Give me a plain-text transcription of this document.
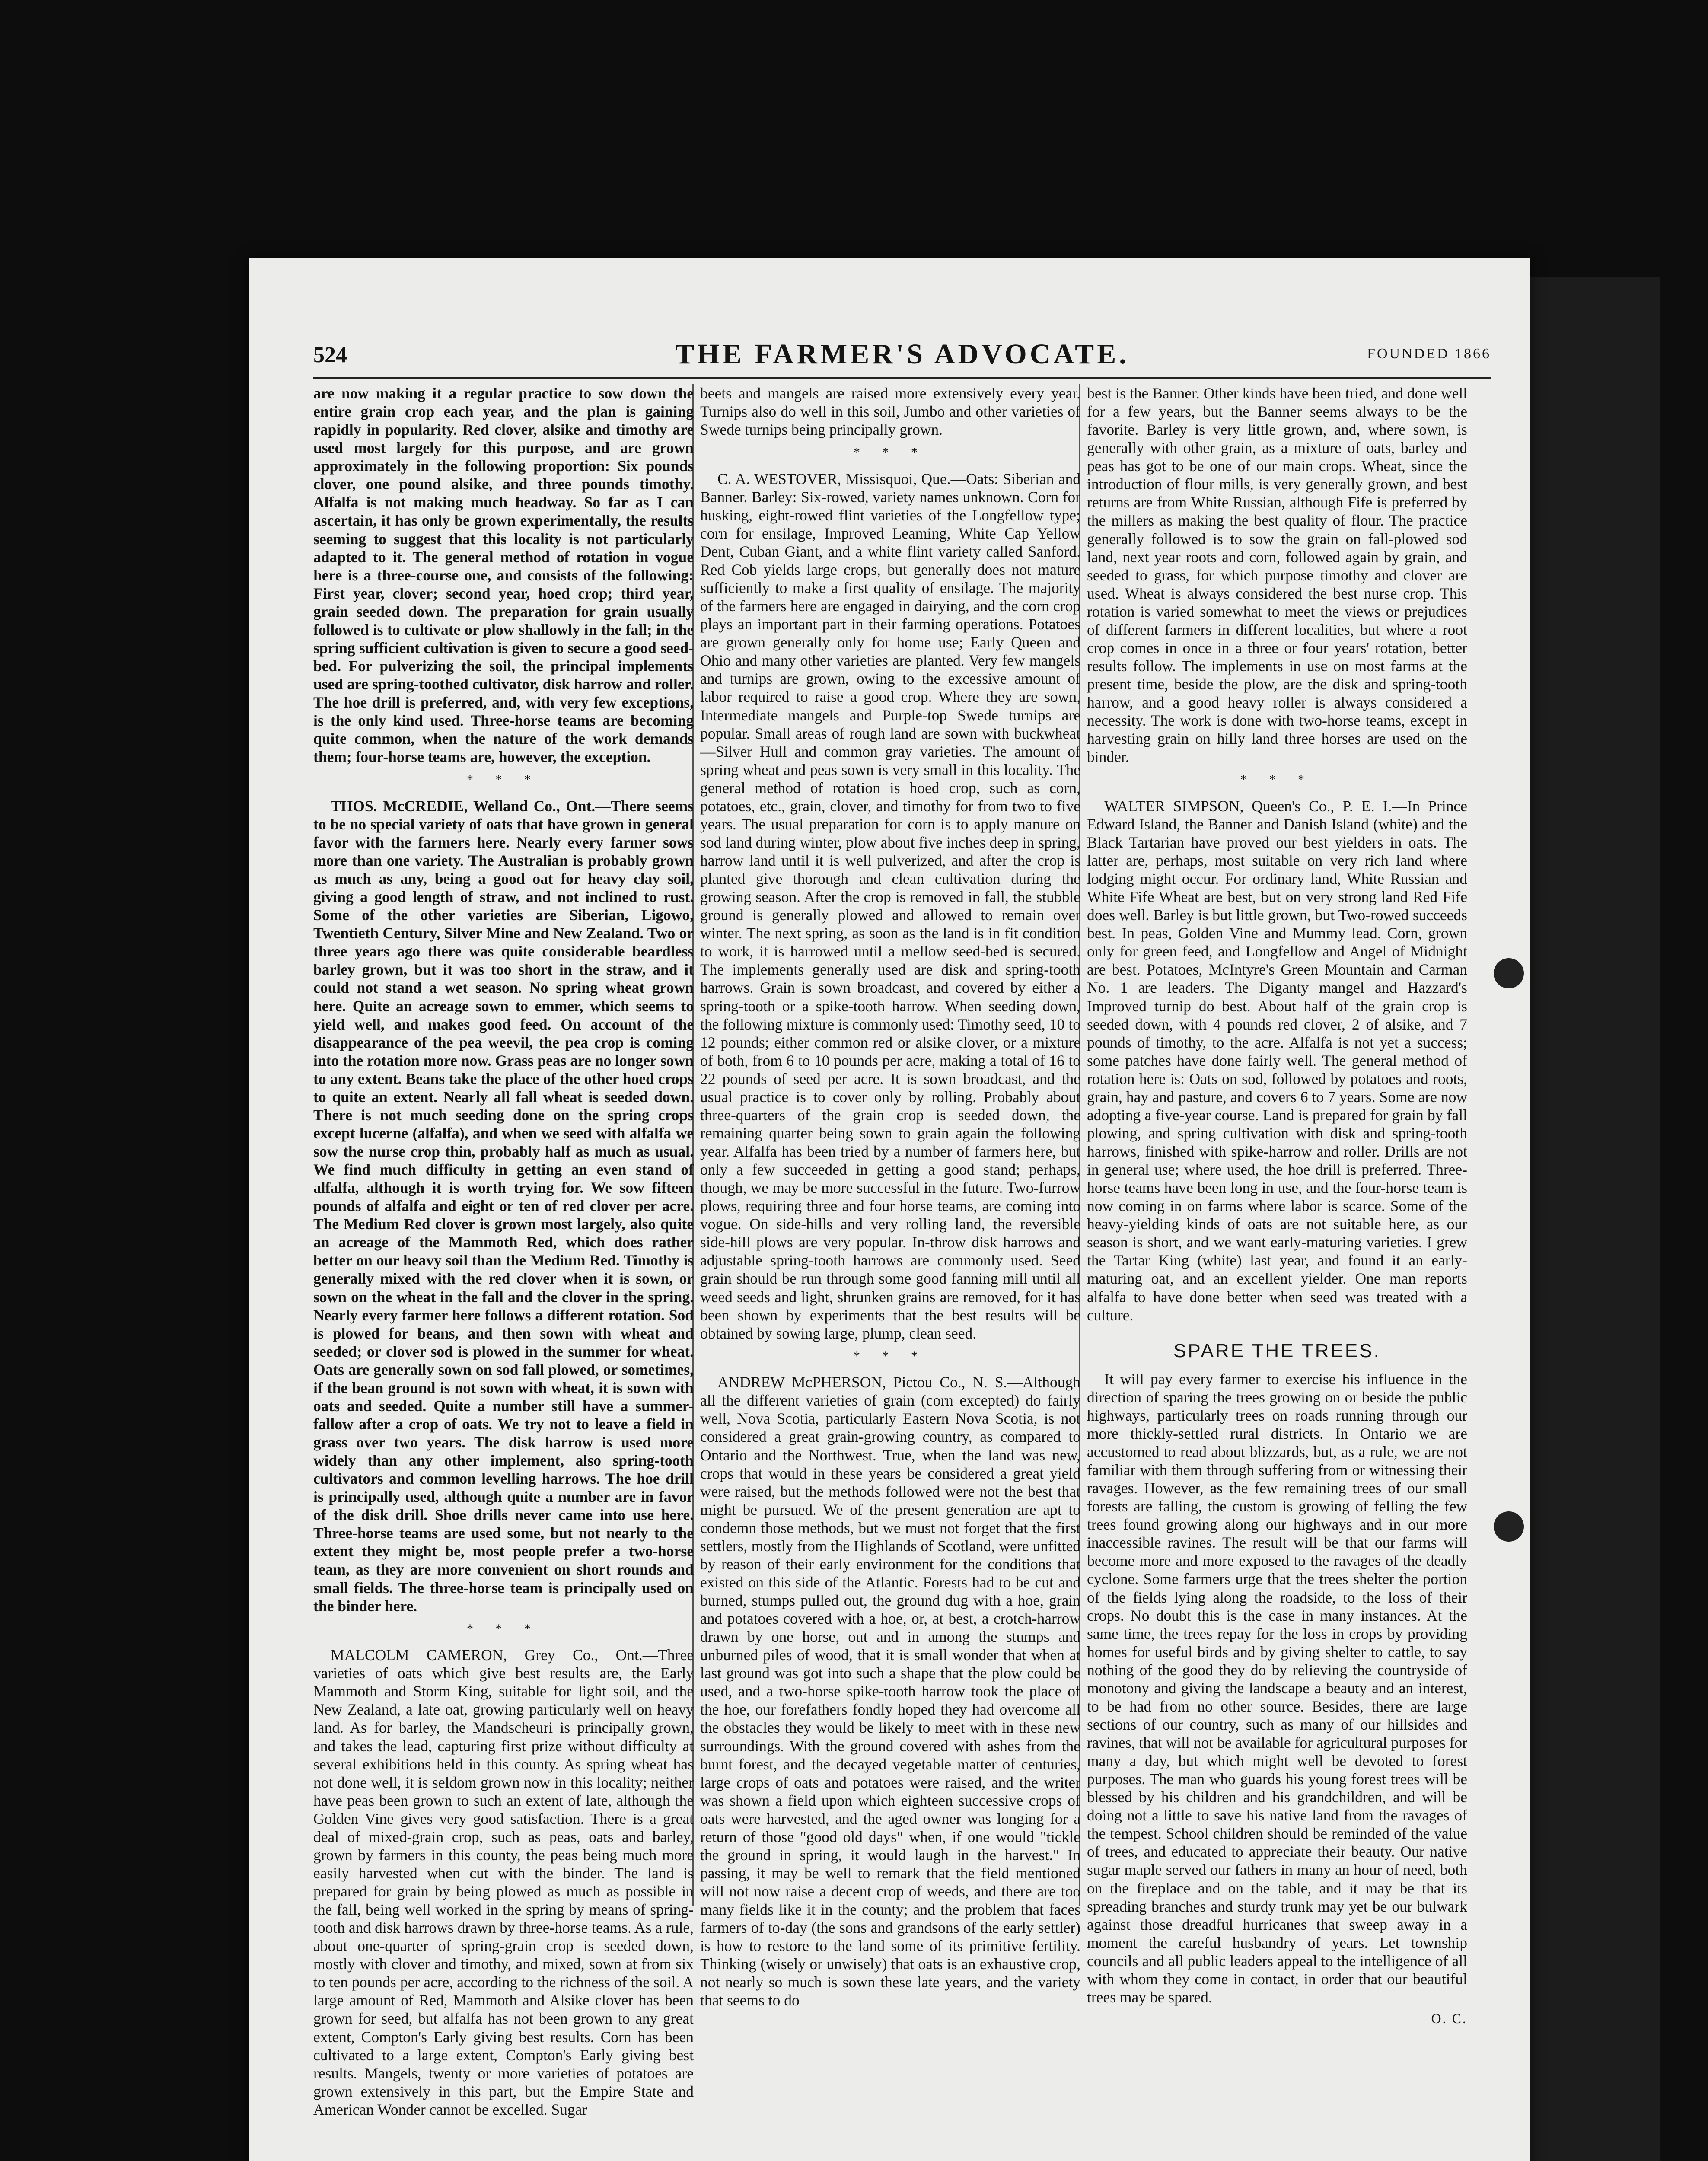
524	THE FARMER'S ADVOCATE.	FOUNDED 1866

are now making it a regular practice to sow down the entire grain crop each year, and the plan is gaining rapidly in popularity. Red clover, alsike and timothy are used most largely for this purpose, and are grown approximately in the following proportion: Six pounds clover, one pound alsike, and three pounds timothy. Alfalfa is not making much headway. So far as I can ascertain, it has only be grown experimentally, the results seeming to suggest that this locality is not particularly adapted to it. The general method of rotation in vogue here is a three-course one, and consists of the following: First year, clover; second year, hoed crop; third year, grain seeded down. The preparation for grain usually followed is to cultivate or plow shallowly in the fall; in the spring sufficient cultivation is given to secure a good seed-bed. For pulverizing the soil, the principal implements used are spring-toothed cultivator, disk harrow and roller. The hoe drill is preferred, and, with very few exceptions, is the only kind used. Three-horse teams are becoming quite common, when the nature of the work demands them; four-horse teams are, however, the exception.

* * *

THOS. McCREDIE, Welland Co., Ont.—There seems to be no special variety of oats that have grown in general favor with the farmers here. Nearly every farmer sows more than one variety. The Australian is probably grown as much as any, being a good oat for heavy clay soil, giving a good length of straw, and not inclined to rust. Some of the other varieties are Siberian, Ligowo, Twentieth Century, Silver Mine and New Zealand. Two or three years ago there was quite considerable beardless barley grown, but it was too short in the straw, and it could not stand a wet season. No spring wheat grown here. Quite an acreage sown to emmer, which seems to yield well, and makes good feed. On account of the disappearance of the pea weevil, the pea crop is coming into the rotation more now. Grass peas are no longer sown to any extent. Beans take the place of the other hoed crops to quite an extent. Nearly all fall wheat is seeded down. There is not much seeding done on the spring crops except lucerne (alfalfa), and when we seed with alfalfa we sow the nurse crop thin, probably half as much as usual. We find much difficulty in getting an even stand of alfalfa, although it is worth trying for. We sow fifteen pounds of alfalfa and eight or ten of red clover per acre. The Medium Red clover is grown most largely, also quite an acreage of the Mammoth Red, which does rather better on our heavy soil than the Medium Red. Timothy is generally mixed with the red clover when it is sown, or sown on the wheat in the fall and the clover in the spring. Nearly every farmer here follows a different rotation. Sod is plowed for beans, and then sown with wheat and seeded; or clover sod is plowed in the summer for wheat. Oats are generally sown on sod fall plowed, or sometimes, if the bean ground is not sown with wheat, it is sown with oats and seeded. Quite a number still have a summer-fallow after a crop of oats. We try not to leave a field in grass over two years. The disk harrow is used more widely than any other implement, also spring-tooth cultivators and common levelling harrows. The hoe drill is principally used, although quite a number are in favor of the disk drill. Shoe drills never came into use here. Three-horse teams are used some, but not nearly to the extent they might be, most people prefer a two-horse team, as they are more convenient on short rounds and small fields. The three-horse team is principally used on the binder here.

* * *

MALCOLM CAMERON, Grey Co., Ont.—Three varieties of oats which give best results are, the Early Mammoth and Storm King, suitable for light soil, and the New Zealand, a late oat, growing particularly well on heavy land. As for barley, the Mandscheuri is principally grown, and takes the lead, capturing first prize without difficulty at several exhibitions held in this county. As spring wheat has not done well, it is seldom grown now in this locality; neither have peas been grown to such an extent of late, although the Golden Vine gives very good satisfaction. There is a great deal of mixed-grain crop, such as peas, oats and barley, grown by farmers in this county, the peas being much more easily harvested when cut with the binder. The land is prepared for grain by being plowed as much as possible in the fall, being well worked in the spring by means of spring-tooth and disk harrows drawn by three-horse teams. As a rule, about one-quarter of spring-grain crop is seeded down, mostly with clover and timothy, and mixed, sown at from six to ten pounds per acre, according to the richness of the soil. A large amount of Red, Mammoth and Alsike clover has been grown for seed, but alfalfa has not been grown to any great extent, Compton's Early giving best results. Corn has been cultivated to a large extent, Compton's Early giving best results. Mangels, twenty or more varieties of potatoes are grown extensively in this part, but the Empire State and American Wonder cannot be excelled. Sugar

beets and mangels are raised more extensively every year. Turnips also do well in this soil, Jumbo and other varieties of Swede turnips being principally grown.

* * *

C. A. WESTOVER, Missisquoi, Que.—Oats: Siberian and Banner. Barley: Six-rowed, variety names unknown. Corn for husking, eight-rowed flint varieties of the Longfellow type; corn for ensilage, Improved Leaming, White Cap Yellow Dent, Cuban Giant, and a white flint variety called Sanford. Red Cob yields large crops, but generally does not mature sufficiently to make a first quality of ensilage. The majority of the farmers here are engaged in dairying, and the corn crop plays an important part in their farming operations. Potatoes are grown generally only for home use; Early Queen and Ohio and many other varieties are planted. Very few mangels and turnips are grown, owing to the excessive amount of labor required to raise a good crop. Where they are sown, Intermediate mangels and Purple-top Swede turnips are popular. Small areas of rough land are sown with buckwheat—Silver Hull and common gray varieties. The amount of spring wheat and peas sown is very small in this locality. The general method of rotation is hoed crop, such as corn, potatoes, etc., grain, clover, and timothy for from two to five years. The usual preparation for corn is to apply manure on sod land during winter, plow about five inches deep in spring, harrow land until it is well pulverized, and after the crop is planted give thorough and clean cultivation during the growing season. After the crop is removed in fall, the stubble ground is generally plowed and allowed to remain over winter. The next spring, as soon as the land is in fit condition to work, it is harrowed until a mellow seed-bed is secured. The implements generally used are disk and spring-tooth harrows. Grain is sown broadcast, and covered by either a spring-tooth or a spike-tooth harrow. When seeding down, the following mixture is commonly used: Timothy seed, 10 to 12 pounds; either common red or alsike clover, or a mixture of both, from 6 to 10 pounds per acre, making a total of 16 to 22 pounds of seed per acre. It is sown broadcast, and the usual practice is to cover only by rolling. Probably about three-quarters of the grain crop is seeded down, the remaining quarter being sown to grain again the following year. Alfalfa has been tried by a number of farmers here, but only a few succeeded in getting a good stand; perhaps, though, we may be more successful in the future. Two-furrow plows, requiring three and four horse teams, are coming into vogue. On side-hills and very rolling land, the reversible side-hill plows are very popular. In-throw disk harrows and adjustable spring-tooth harrows are commonly used. Seed grain should be run through some good fanning mill until all weed seeds and light, shrunken grains are removed, for it has been shown by experiments that the best results will be obtained by sowing large, plump, clean seed.

* * *

ANDREW McPHERSON, Pictou Co., N. S.—Although all the different varieties of grain (corn excepted) do fairly well, Nova Scotia, particularly Eastern Nova Scotia, is not considered a great grain-growing country, as compared to Ontario and the Northwest. True, when the land was new, crops that would in these years be considered a great yield were raised, but the methods followed were not the best that might be pursued. We of the present generation are apt to condemn those methods, but we must not forget that the first settlers, mostly from the Highlands of Scotland, were unfitted by reason of their early environment for the conditions that existed on this side of the Atlantic. Forests had to be cut and burned, stumps pulled out, the ground dug with a hoe, grain and potatoes covered with a hoe, or, at best, a crotch-harrow drawn by one horse, out and in among the stumps and unburned piles of wood, that it is small wonder that when at last ground was got into such a shape that the plow could be used, and a two-horse spike-tooth harrow took the place of the hoe, our forefathers fondly hoped they had overcome all the obstacles they would be likely to meet with in these new surroundings. With the ground covered with ashes from the burnt forest, and the decayed vegetable matter of centuries, large crops of oats and potatoes were raised, and the writer was shown a field upon which eighteen successive crops of oats were harvested, and the aged owner was longing for a return of those "good old days" when, if one would "tickle the ground in spring, it would laugh in the harvest." In passing, it may be well to remark that the field mentioned will not now raise a decent crop of weeds, and there are too many fields like it in the county; and the problem that faces farmers of to-day (the sons and grandsons of the early settler) is how to restore to the land some of its primitive fertility. Thinking (wisely or unwisely) that oats is an exhaustive crop, not nearly so much is sown these late years, and the variety that seems to do

best is the Banner. Other kinds have been tried, and done well for a few years, but the Banner seems always to be the favorite. Barley is very little grown, and, where sown, is generally with other grain, as a mixture of oats, barley and peas has got to be one of our main crops. Wheat, since the introduction of flour mills, is very generally grown, and best returns are from White Russian, although Fife is preferred by the millers as making the best quality of flour. The practice generally followed is to sow the grain on fall-plowed sod land, next year roots and corn, followed again by grain, and seeded to grass, for which purpose timothy and clover are used. Wheat is always considered the best nurse crop. This rotation is varied somewhat to meet the views or prejudices of different farmers in different localities, but where a root crop comes in once in a three or four years' rotation, better results follow. The implements in use on most farms at the present time, beside the plow, are the disk and spring-tooth harrow, and a good heavy roller is always considered a necessity. The work is done with two-horse teams, except in harvesting grain on hilly land three horses are used on the binder.

* * *

WALTER SIMPSON, Queen's Co., P. E. I.—In Prince Edward Island, the Banner and Danish Island (white) and the Black Tartarian have proved our best yielders in oats. The latter are, perhaps, most suitable on very rich land where lodging might occur. For ordinary land, White Russian and White Fife Wheat are best, but on very strong land Red Fife does well. Barley is but little grown, but Two-rowed succeeds best. In peas, Golden Vine and Mummy lead. Corn, grown only for green feed, and Longfellow and Angel of Midnight are best. Potatoes, McIntyre's Green Mountain and Carman No. 1 are leaders. The Diganty mangel and Hazzard's Improved turnip do best. About half of the grain crop is seeded down, with 4 pounds red clover, 2 of alsike, and 7 pounds of timothy, to the acre. Alfalfa is not yet a success; some patches have done fairly well. The general method of rotation here is: Oats on sod, followed by potatoes and roots, grain, hay and pasture, and covers 6 to 7 years. Some are now adopting a five-year course. Land is prepared for grain by fall plowing, and spring cultivation with disk and spring-tooth harrows, finished with spike-harrow and roller. Drills are not in general use; where used, the hoe drill is preferred. Three-horse teams have been long in use, and the four-horse team is now coming in on farms where labor is scarce. Some of the heavy-yielding kinds of oats are not suitable here, as our season is short, and we want early-maturing varieties. I grew the Tartar King (white) last year, and found it an early-maturing oat, and an excellent yielder. One man reports alfalfa to have done better when seed was treated with a culture.

SPARE THE TREES.

It will pay every farmer to exercise his influence in the direction of sparing the trees growing on or beside the public highways, particularly trees on roads running through our more thickly-settled rural districts. In Ontario we are accustomed to read about blizzards, but, as a rule, we are not familiar with them through suffering from or witnessing their ravages. However, as the few remaining trees of our small forests are falling, the custom is growing of felling the few trees found growing along our highways and in our more inaccessible ravines. The result will be that our farms will become more and more exposed to the ravages of the deadly cyclone. Some farmers urge that the trees shelter the portion of the fields lying along the roadside, to the loss of their crops. No doubt this is the case in many instances. At the same time, the trees repay for the loss in crops by providing homes for useful birds and by giving shelter to cattle, to say nothing of the good they do by relieving the countryside of monotony and giving the landscape a beauty and an interest, to be had from no other source. Besides, there are large sections of our country, such as many of our hillsides and ravines, that will not be available for agricultural purposes for many a day, but which might well be devoted to forest purposes. The man who guards his young forest trees will be blessed by his children and his grandchildren, and will be doing not a little to save his native land from the ravages of the tempest. School children should be reminded of the value of trees, and educated to appreciate their beauty. Our native sugar maple served our fathers in many an hour of need, both on the fireplace and on the table, and it may be that its spreading branches and sturdy trunk may yet be our bulwark against those dreadful hurricanes that sweep away in a moment the careful husbandry of years. Let township councils and all public leaders appeal to the intelligence of all with whom they come in contact, in order that our beautiful trees may be spared.

O. C.
